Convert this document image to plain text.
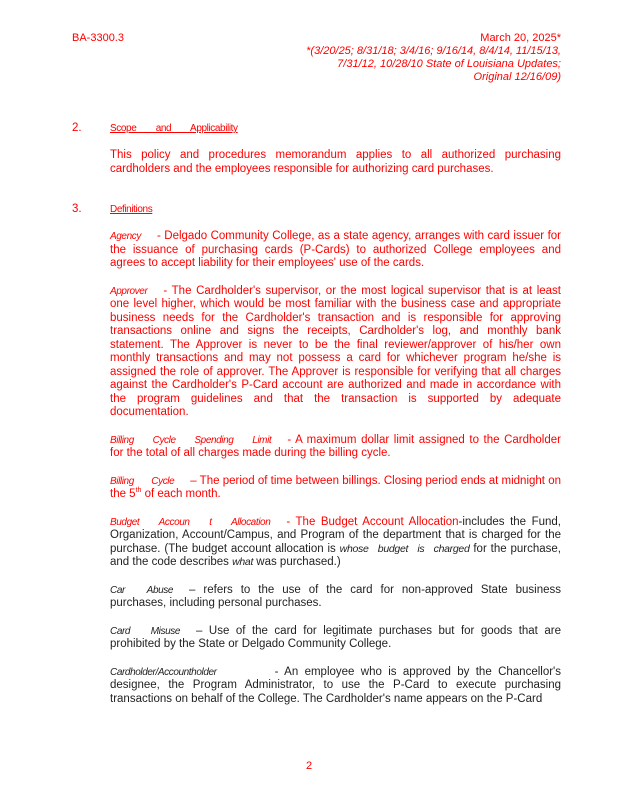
BA-3300.3	March 20, 2025*
*(3/20/25; 8/31/18; 3/4/16; 9/16/14, 8/4/14, 11/15/13,
7/31/12, 10/28/10 State of Louisiana Updates;
Original 12/16/09)
2.	Scope and Applicability

This policy and procedures memorandum applies to all authorized purchasing cardholders and the employees responsible for authorizing card purchases.

3.	Definitions

Agency - Delgado Community College, as a state agency, arranges with card issuer for the issuance of purchasing cards (P-Cards) to authorized College employees and agrees to accept liability for their employees' use of the cards.

Approver - The Cardholder's supervisor, or the most logical supervisor that is at least one level higher, which would be most familiar with the business case and appropriate business needs for the Cardholder's transaction and is responsible for approving transactions online and signs the receipts, Cardholder's log, and monthly bank statement. The Approver is never to be the final reviewer/approver of his/her own monthly transactions and may not possess a card for whichever program he/she is assigned the role of approver. The Approver is responsible for verifying that all charges against the Cardholder's P-Card account are authorized and made in accordance with the program guidelines and that the transaction is supported by adequate documentation.

Billing Cycle Spending Limit - A maximum dollar limit assigned to the Cardholder for the total of all charges made during the billing cycle.

Billing Cycle – The period of time between billings. Closing period ends at midnight on the 5th of each month.

Budget Accoun t Allocation - The Budget Account Allocation-includes the Fund, Organization, Account/Campus, and Program of the department that is charged for the purchase. (The budget account allocation is whose budget is charged for the purchase, and the code describes what was purchased.)

Car Abuse – refers to the use of the card for non-approved State business purchases, including personal purchases.

Card Misuse – Use of the card for legitimate purchases but for goods that are prohibited by the State or Delgado Community College.

Cardholder/Accountholder	- An employee who is approved by the Chancellor's designee, the Program Administrator, to use the P-Card to execute purchasing transactions on behalf of the College. The Cardholder's name appears on the P-Card

2
